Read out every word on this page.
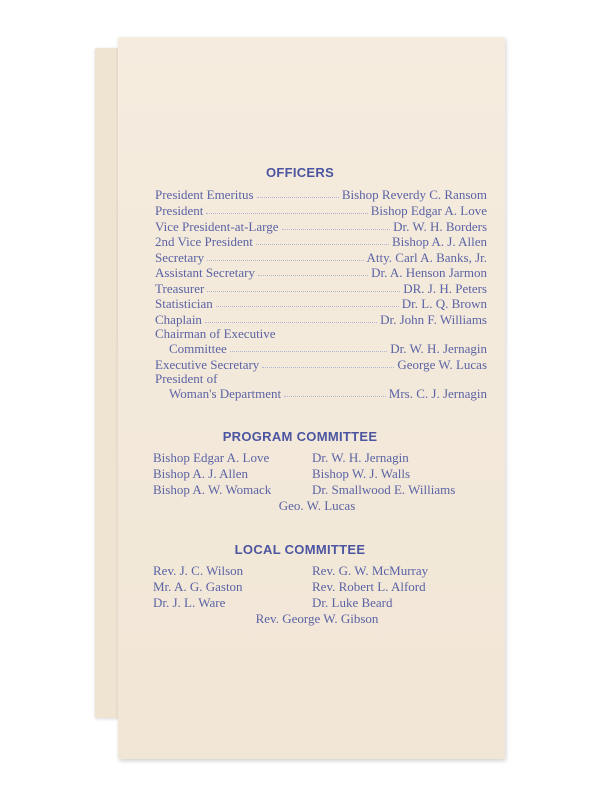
OFFICERS
President Emeritus	Bishop Reverdy C. Ransom
President	Bishop Edgar A. Love
Vice President-at-Large	Dr. W. H. Borders
2nd Vice President	Bishop A. J. Allen
Secretary	Atty. Carl A. Banks, Jr.
Assistant Secretary	Dr. A. Henson Jarmon
Treasurer	DR. J. H. Peters
Statistician	Dr. L. Q. Brown
Chaplain	Dr. John F. Williams
Chairman of Executive
Committee	Dr. W. H. Jernagin
Executive Secretary	George W. Lucas
President of
Woman's Department	Mrs. C. J. Jernagin
PROGRAM COMMITTEE
Bishop Edgar A. Love	Dr. W. H. Jernagin
Bishop A. J. Allen	Bishop W. J. Walls
Bishop A. W. Womack	Dr. Smallwood E. Williams
Geo. W. Lucas
LOCAL COMMITTEE
Rev. J. C. Wilson	Rev. G. W. McMurray
Mr. A. G. Gaston	Rev. Robert L. Alford
Dr. J. L. Ware	Dr. Luke Beard
Rev. George W. Gibson
